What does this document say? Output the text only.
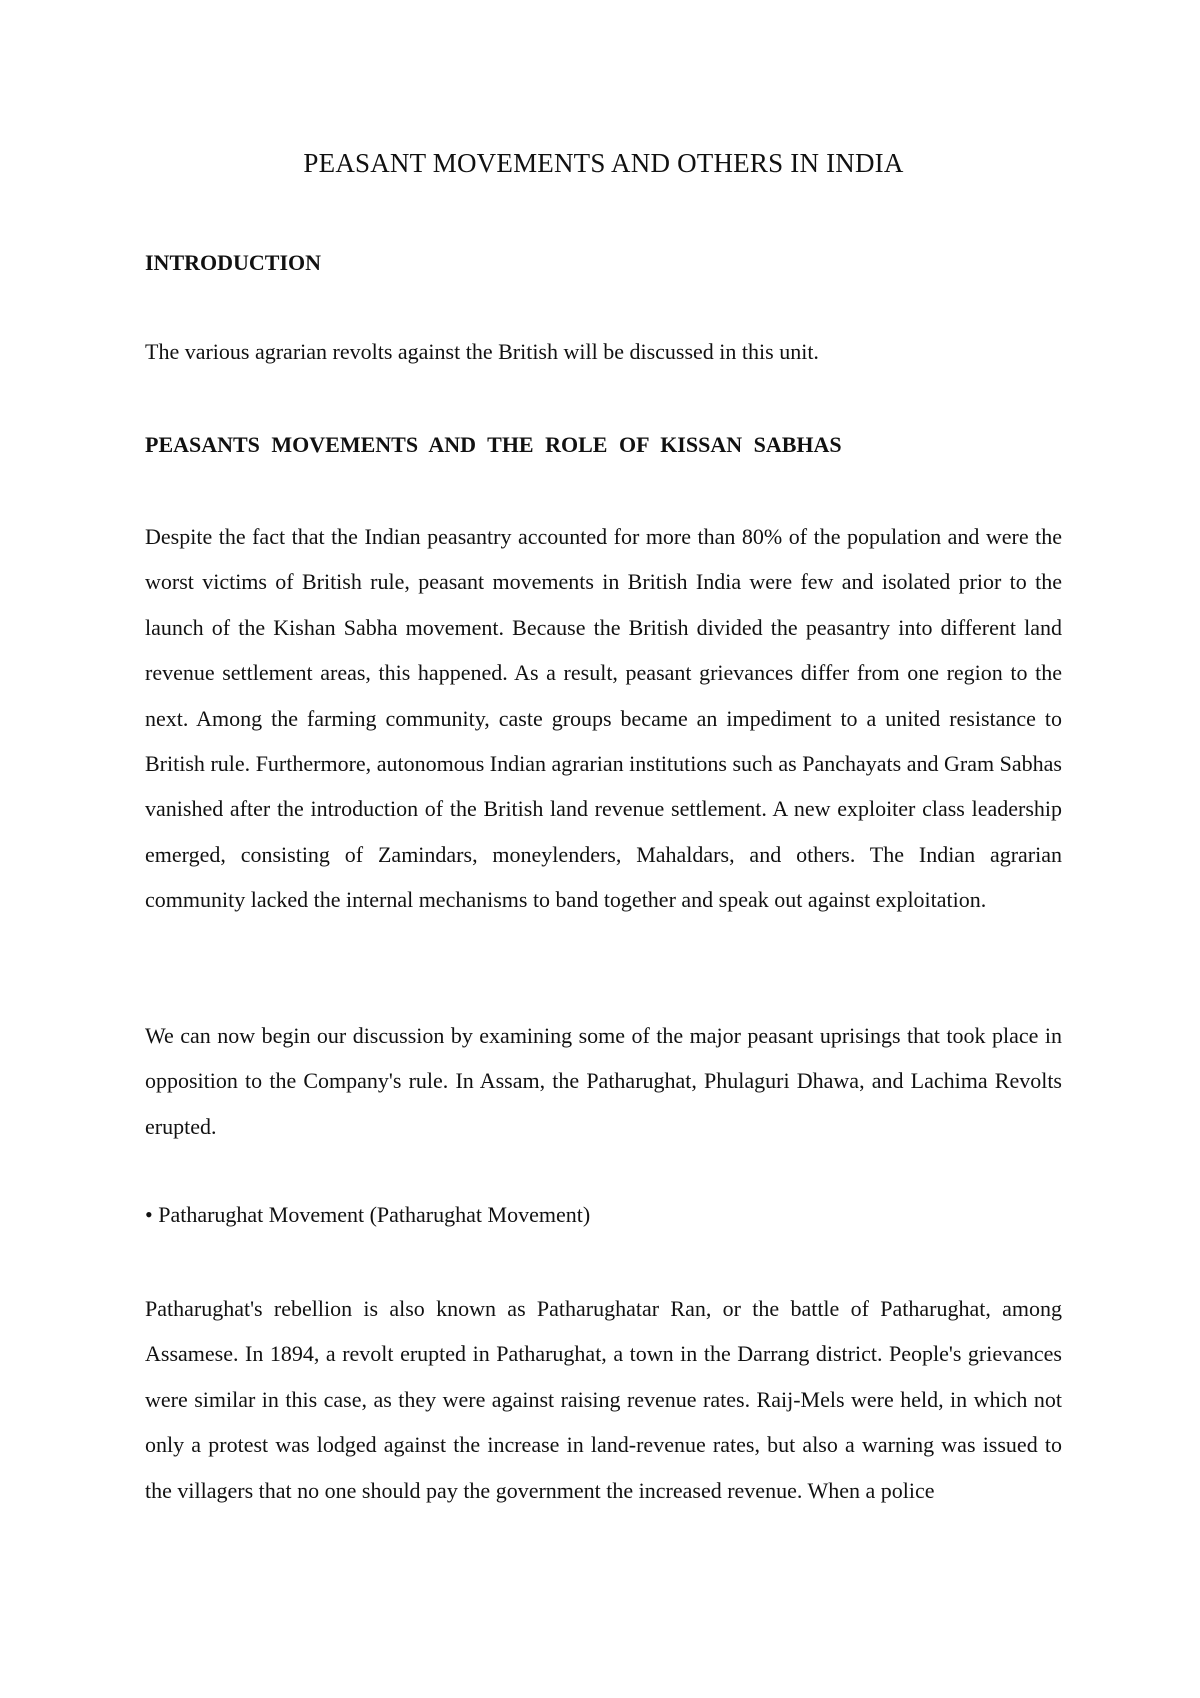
PEASANT MOVEMENTS AND OTHERS IN INDIA
INTRODUCTION

The various agrarian revolts against the British will be discussed in this unit.

PEASANTS MOVEMENTS AND THE ROLE OF KISSAN SABHAS

Despite the fact that the Indian peasantry accounted for more than 80% of the population and were the worst victims of British rule, peasant movements in British India were few and isolated prior to the launch of the Kishan Sabha movement. Because the British divided the peasantry into different land revenue settlement areas, this happened. As a result, peasant grievances differ from one region to the next. Among the farming community, caste groups became an impediment to a united resistance to British rule. Furthermore, autonomous Indian agrarian institutions such as Panchayats and Gram Sabhas vanished after the introduction of the British land revenue settlement. A new exploiter class leadership emerged, consisting of Zamindars, moneylenders, Mahaldars, and others. The Indian agrarian community lacked the internal mechanisms to band together and speak out against exploitation.

We can now begin our discussion by examining some of the major peasant uprisings that took place in opposition to the Company's rule. In Assam, the Patharughat, Phulaguri Dhawa, and Lachima Revolts erupted.

• Patharughat Movement (Patharughat Movement)

Patharughat's rebellion is also known as Patharughatar Ran, or the battle of Patharughat, among Assamese. In 1894, a revolt erupted in Patharughat, a town in the Darrang district. People's grievances were similar in this case, as they were against raising revenue rates. Raij-Mels were held, in which not only a protest was lodged against the increase in land-revenue rates, but also a warning was issued to the villagers that no one should pay the government the increased revenue. When a police
